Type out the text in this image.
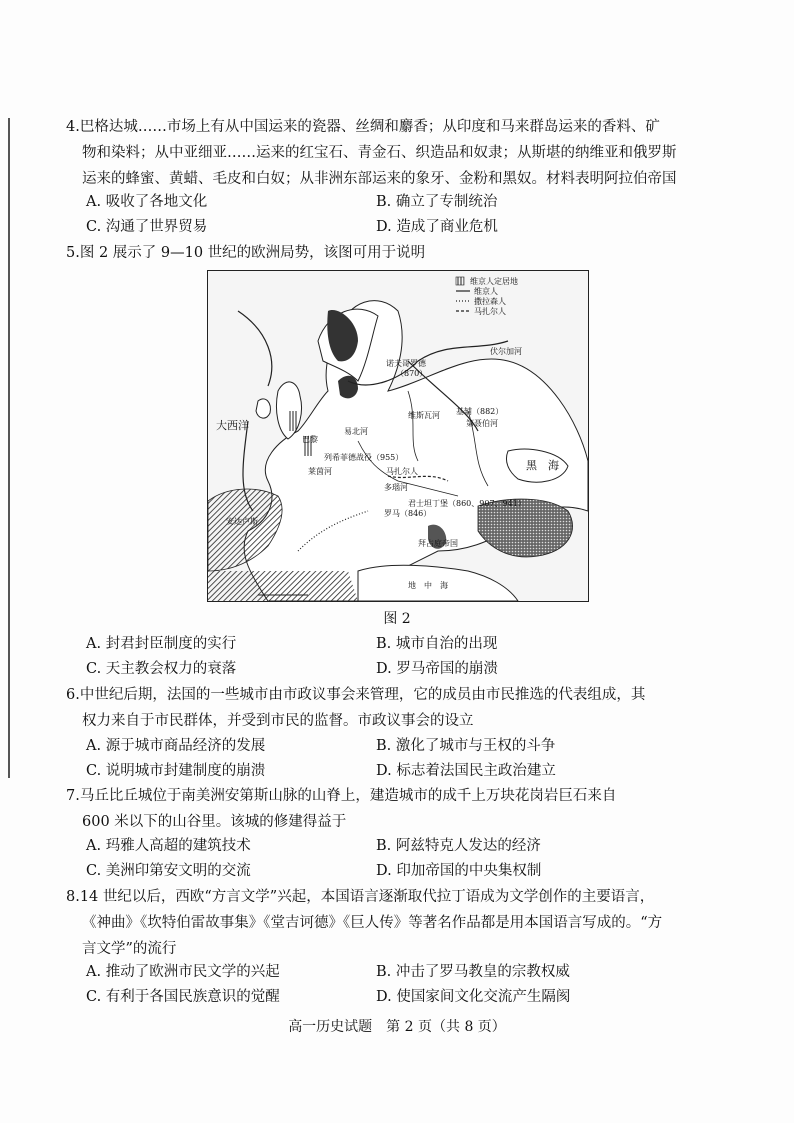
4.巴格达城……市场上有从中国运来的瓷器、丝绸和麝香；从印度和马来群岛运来的香料、矿

物和染料；从中亚细亚……运来的红宝石、青金石、织造品和奴隶；从斯堪的纳维亚和俄罗斯

运来的蜂蜜、黄蜡、毛皮和白奴；从非洲东部运来的象牙、金粉和黑奴。材料表明阿拉伯帝国

A. 吸收了各地文化	B. 确立了专制统治
C. 沟通了世界贸易	D. 造成了商业危机

5.图 2 展示了 9—10 世纪的欧洲局势，该图可用于说明

维京人定居地
维京人
撒拉森人
马扎尔人
大西洋
黑　海
地　中　海
诺夫哥罗德
（870）
伏尔加河
基辅（882）
第聂伯河
维斯瓦河
巴黎
列希菲德战役（955）
马扎尔人
罗马（846）
君士坦丁堡（860、907、941）
拜占庭帝国
易北河
多瑙河
莱茵河
安达卢斯
图 2
A. 封君封臣制度的实行	B. 城市自治的出现
C. 天主教会权力的衰落	D. 罗马帝国的崩溃

6.中世纪后期，法国的一些城市由市政议事会来管理，它的成员由市民推选的代表组成，其

权力来自于市民群体，并受到市民的监督。市政议事会的设立

A. 源于城市商品经济的发展	B. 激化了城市与王权的斗争
C. 说明城市封建制度的崩溃	D. 标志着法国民主政治建立

7.马丘比丘城位于南美洲安第斯山脉的山脊上，建造城市的成千上万块花岗岩巨石来自

600 米以下的山谷里。该城的修建得益于

A. 玛雅人高超的建筑技术	B. 阿兹特克人发达的经济
C. 美洲印第安文明的交流	D. 印加帝国的中央集权制

8.14 世纪以后，西欧“方言文学”兴起，本国语言逐渐取代拉丁语成为文学创作的主要语言，

《神曲》《坎特伯雷故事集》《堂吉诃德》《巨人传》等著名作品都是用本国语言写成的。“方

言文学”的流行

A. 推动了欧洲市民文学的兴起	B. 冲击了罗马教皇的宗教权威
C. 有利于各国民族意识的觉醒	D. 使国家间文化交流产生隔阂
高一历史试题　第 2 页（共 8 页）
